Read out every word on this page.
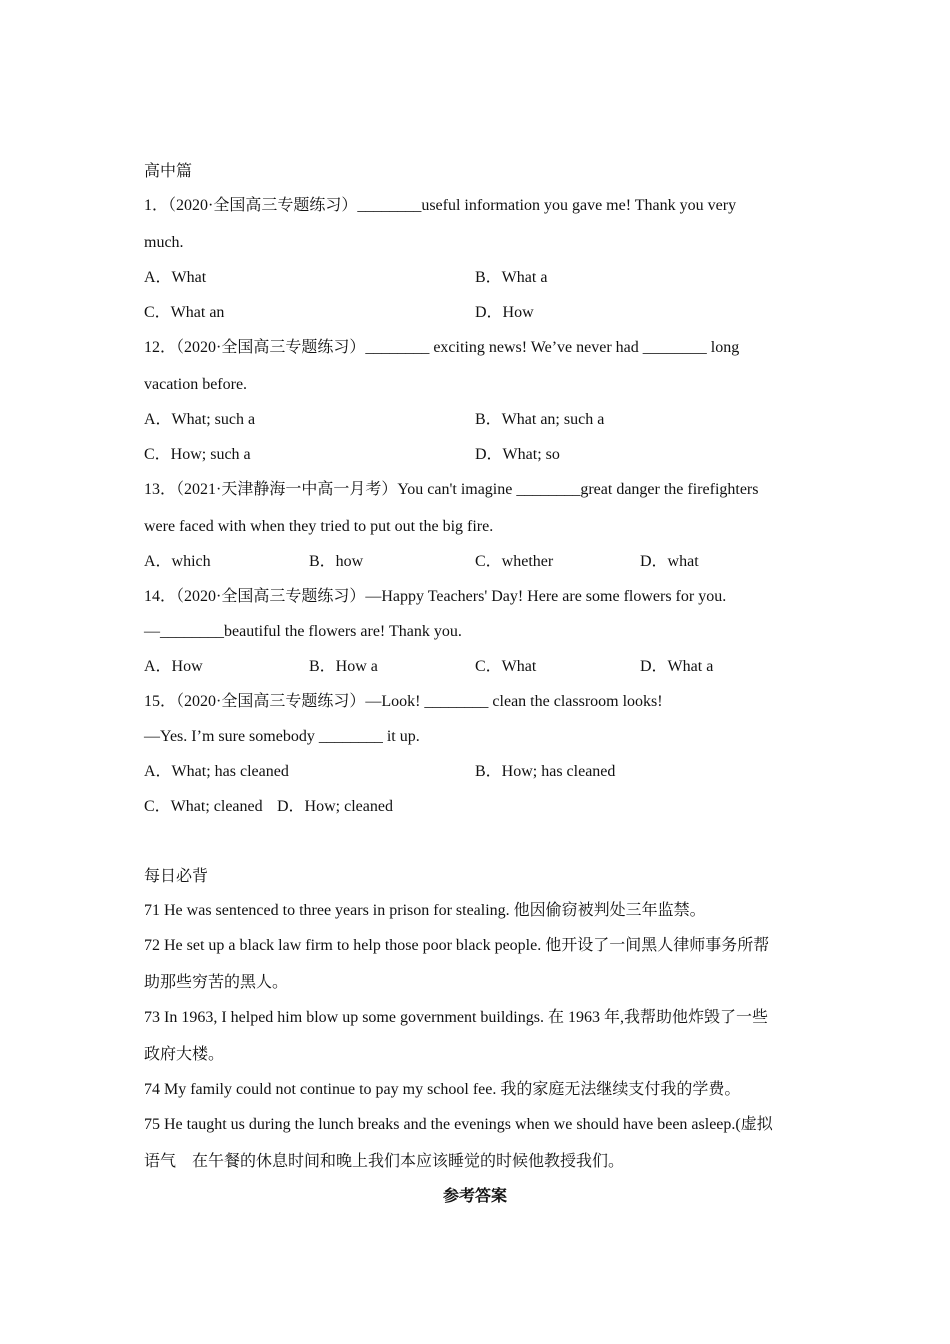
高中篇
1．（2020·全国高三专题练习）________useful information you gave me! Thank you very
much.
A．What	B．What a
C．What an	D．How
12．（2020·全国高三专题练习）________ exciting news! We’ve never had ________ long
vacation before.
A．What; such a	B．What an; such a
C．How; such a	D．What; so
13．（2021·天津静海一中高一月考）You can't imagine ________great danger the firefighters
were faced with when they tried to put out the big fire.
A．which	B．how	C．whether	D．what
14．（2020·全国高三专题练习）—Happy Teachers' Day! Here are some flowers for you.
—________beautiful the flowers are! Thank you.
A．How	B．How a	C．What	D．What a
15．（2020·全国高三专题练习）—Look! ________ clean the classroom looks!
—Yes. I’m sure somebody ________ it up.
A．What; has cleaned	B．How; has cleaned
C．What; cleaned D．How; cleaned
每日必背
71 He was sentenced to three years in prison for stealing. 他因偷窃被判处三年监禁。
72 He set up a black law firm to help those poor black people. 他开设了一间黑人律师事务所帮
助那些穷苦的黑人。
73 In 1963, I helped him blow up some government buildings. 在 1963 年,我帮助他炸毁了一些
政府大楼。
74 My family could not continue to pay my school fee. 我的家庭无法继续支付我的学费。
75 He taught us during the lunch breaks and the evenings when we should have been asleep.(虚拟
语气　在午餐的休息时间和晚上我们本应该睡觉的时候他教授我们。
参考答案
